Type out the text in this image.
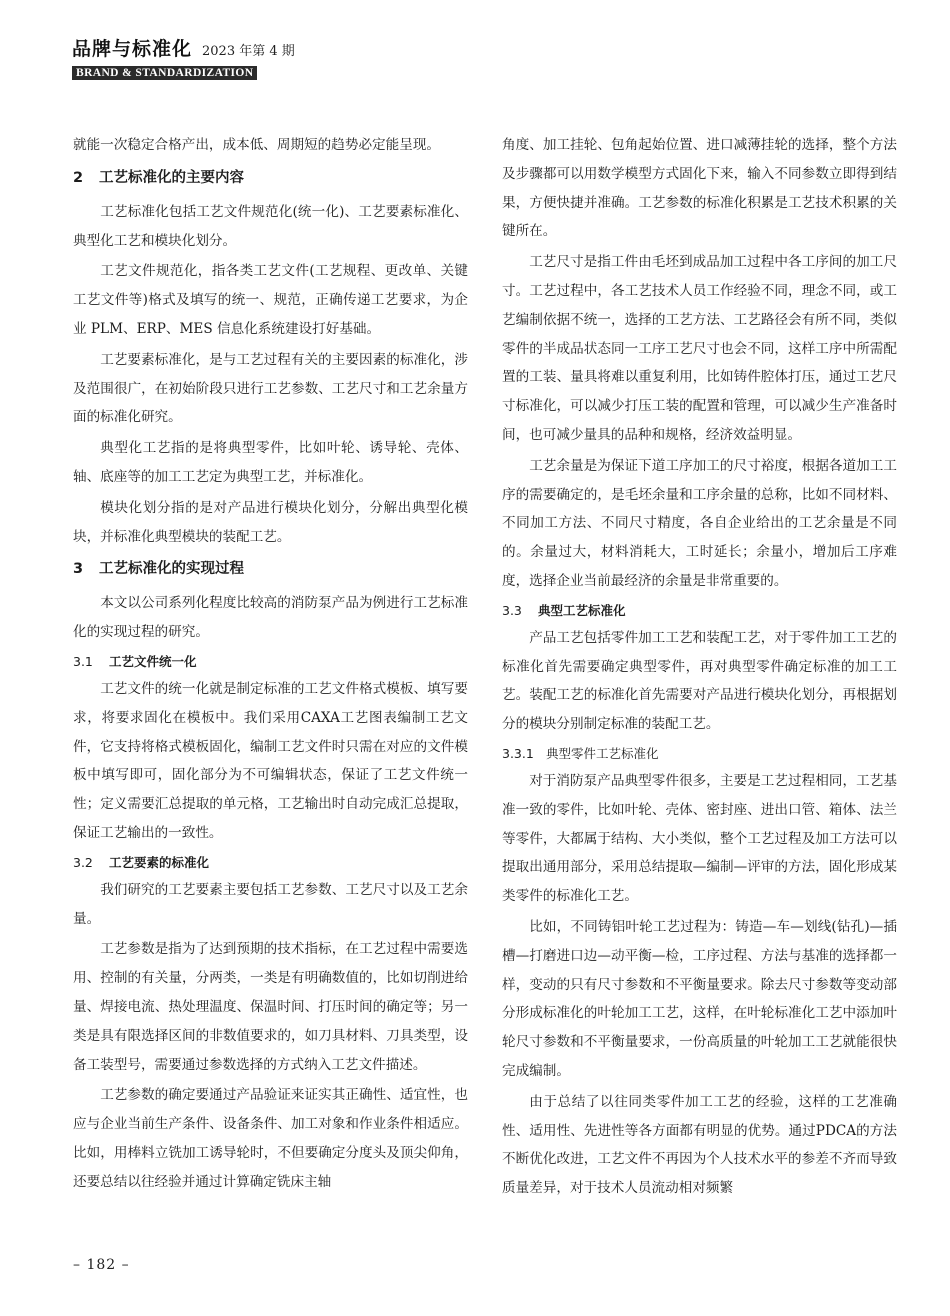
品牌与标准化 2023 年第 4 期
BRAND & STANDARDIZATION

就能一次稳定合格产出，成本低、周期短的趋势必定能呈现。

2 工艺标准化的主要内容

工艺标准化包括工艺文件规范化(统一化)、工艺要素标准化、典型化工艺和模块化划分。

工艺文件规范化，指各类工艺文件(工艺规程、更改单、关键工艺文件等)格式及填写的统一、规范，正确传递工艺要求，为企业 PLM、ERP、MES 信息化系统建设打好基础。

工艺要素标准化，是与工艺过程有关的主要因素的标准化，涉及范围很广，在初始阶段只进行工艺参数、工艺尺寸和工艺余量方面的标准化研究。

典型化工艺指的是将典型零件，比如叶轮、诱导轮、壳体、轴、底座等的加工工艺定为典型工艺，并标准化。

模块化划分指的是对产品进行模块化划分，分解出典型化模块，并标准化典型模块的装配工艺。

3 工艺标准化的实现过程

本文以公司系列化程度比较高的消防泵产品为例进行工艺标准化的实现过程的研究。

3.1 工艺文件统一化

工艺文件的统一化就是制定标准的工艺文件格式模板、填写要求，将要求固化在模板中。我们采用CAXA工艺图表编制工艺文件，它支持将格式模板固化，编制工艺文件时只需在对应的文件模板中填写即可，固化部分为不可编辑状态，保证了工艺文件统一性；定义需要汇总提取的单元格，工艺输出时自动完成汇总提取，保证工艺输出的一致性。

3.2 工艺要素的标准化

我们研究的工艺要素主要包括工艺参数、工艺尺寸以及工艺余量。

工艺参数是指为了达到预期的技术指标，在工艺过程中需要选用、控制的有关量，分两类，一类是有明确数值的，比如切削进给量、焊接电流、热处理温度、保温时间、打压时间的确定等；另一类是具有限选择区间的非数值要求的，如刀具材料、刀具类型，设备工装型号，需要通过参数选择的方式纳入工艺文件描述。

工艺参数的确定要通过产品验证来证实其正确性、适宜性，也应与企业当前生产条件、设备条件、加工对象和作业条件相适应。比如，用棒料立铣加工诱导轮时，不但要确定分度头及顶尖仰角，还要总结以往经验并通过计算确定铣床主轴

角度、加工挂轮、包角起始位置、进口减薄挂轮的选择，整个方法及步骤都可以用数学模型方式固化下来，输入不同参数立即得到结果，方便快捷并准确。工艺参数的标准化积累是工艺技术积累的关键所在。

工艺尺寸是指工件由毛坯到成品加工过程中各工序间的加工尺寸。工艺过程中，各工艺技术人员工作经验不同，理念不同，或工艺编制依据不统一，选择的工艺方法、工艺路径会有所不同，类似零件的半成品状态同一工序工艺尺寸也会不同，这样工序中所需配置的工装、量具将难以重复利用，比如铸件腔体打压，通过工艺尺寸标准化，可以减少打压工装的配置和管理，可以减少生产准备时间，也可减少量具的品种和规格，经济效益明显。

工艺余量是为保证下道工序加工的尺寸裕度，根据各道加工工序的需要确定的，是毛坯余量和工序余量的总称，比如不同材料、不同加工方法、不同尺寸精度，各自企业给出的工艺余量是不同的。余量过大，材料消耗大，工时延长；余量小，增加后工序难度，选择企业当前最经济的余量是非常重要的。

3.3 典型工艺标准化

产品工艺包括零件加工工艺和装配工艺，对于零件加工工艺的标准化首先需要确定典型零件，再对典型零件确定标准的加工工艺。装配工艺的标准化首先需要对产品进行模块化划分，再根据划分的模块分别制定标准的装配工艺。

3.3.1 典型零件工艺标准化

对于消防泵产品典型零件很多，主要是工艺过程相同，工艺基准一致的零件，比如叶轮、壳体、密封座、进出口管、箱体、法兰等零件，大都属于结构、大小类似，整个工艺过程及加工方法可以提取出通用部分，采用总结提取—编制—评审的方法，固化形成某类零件的标准化工艺。

比如，不同铸铝叶轮工艺过程为：铸造—车—划线(钻孔)—插槽—打磨进口边—动平衡—检，工序过程、方法与基准的选择都一样，变动的只有尺寸参数和不平衡量要求。除去尺寸参数等变动部分形成标准化的叶轮加工工艺，这样，在叶轮标准化工艺中添加叶轮尺寸参数和不平衡量要求，一份高质量的叶轮加工工艺就能很快完成编制。

由于总结了以往同类零件加工工艺的经验，这样的工艺准确性、适用性、先进性等各方面都有明显的优势。通过PDCA的方法不断优化改进，工艺文件不再因为个人技术水平的参差不齐而导致质量差异，对于技术人员流动相对频繁

– 182 –
